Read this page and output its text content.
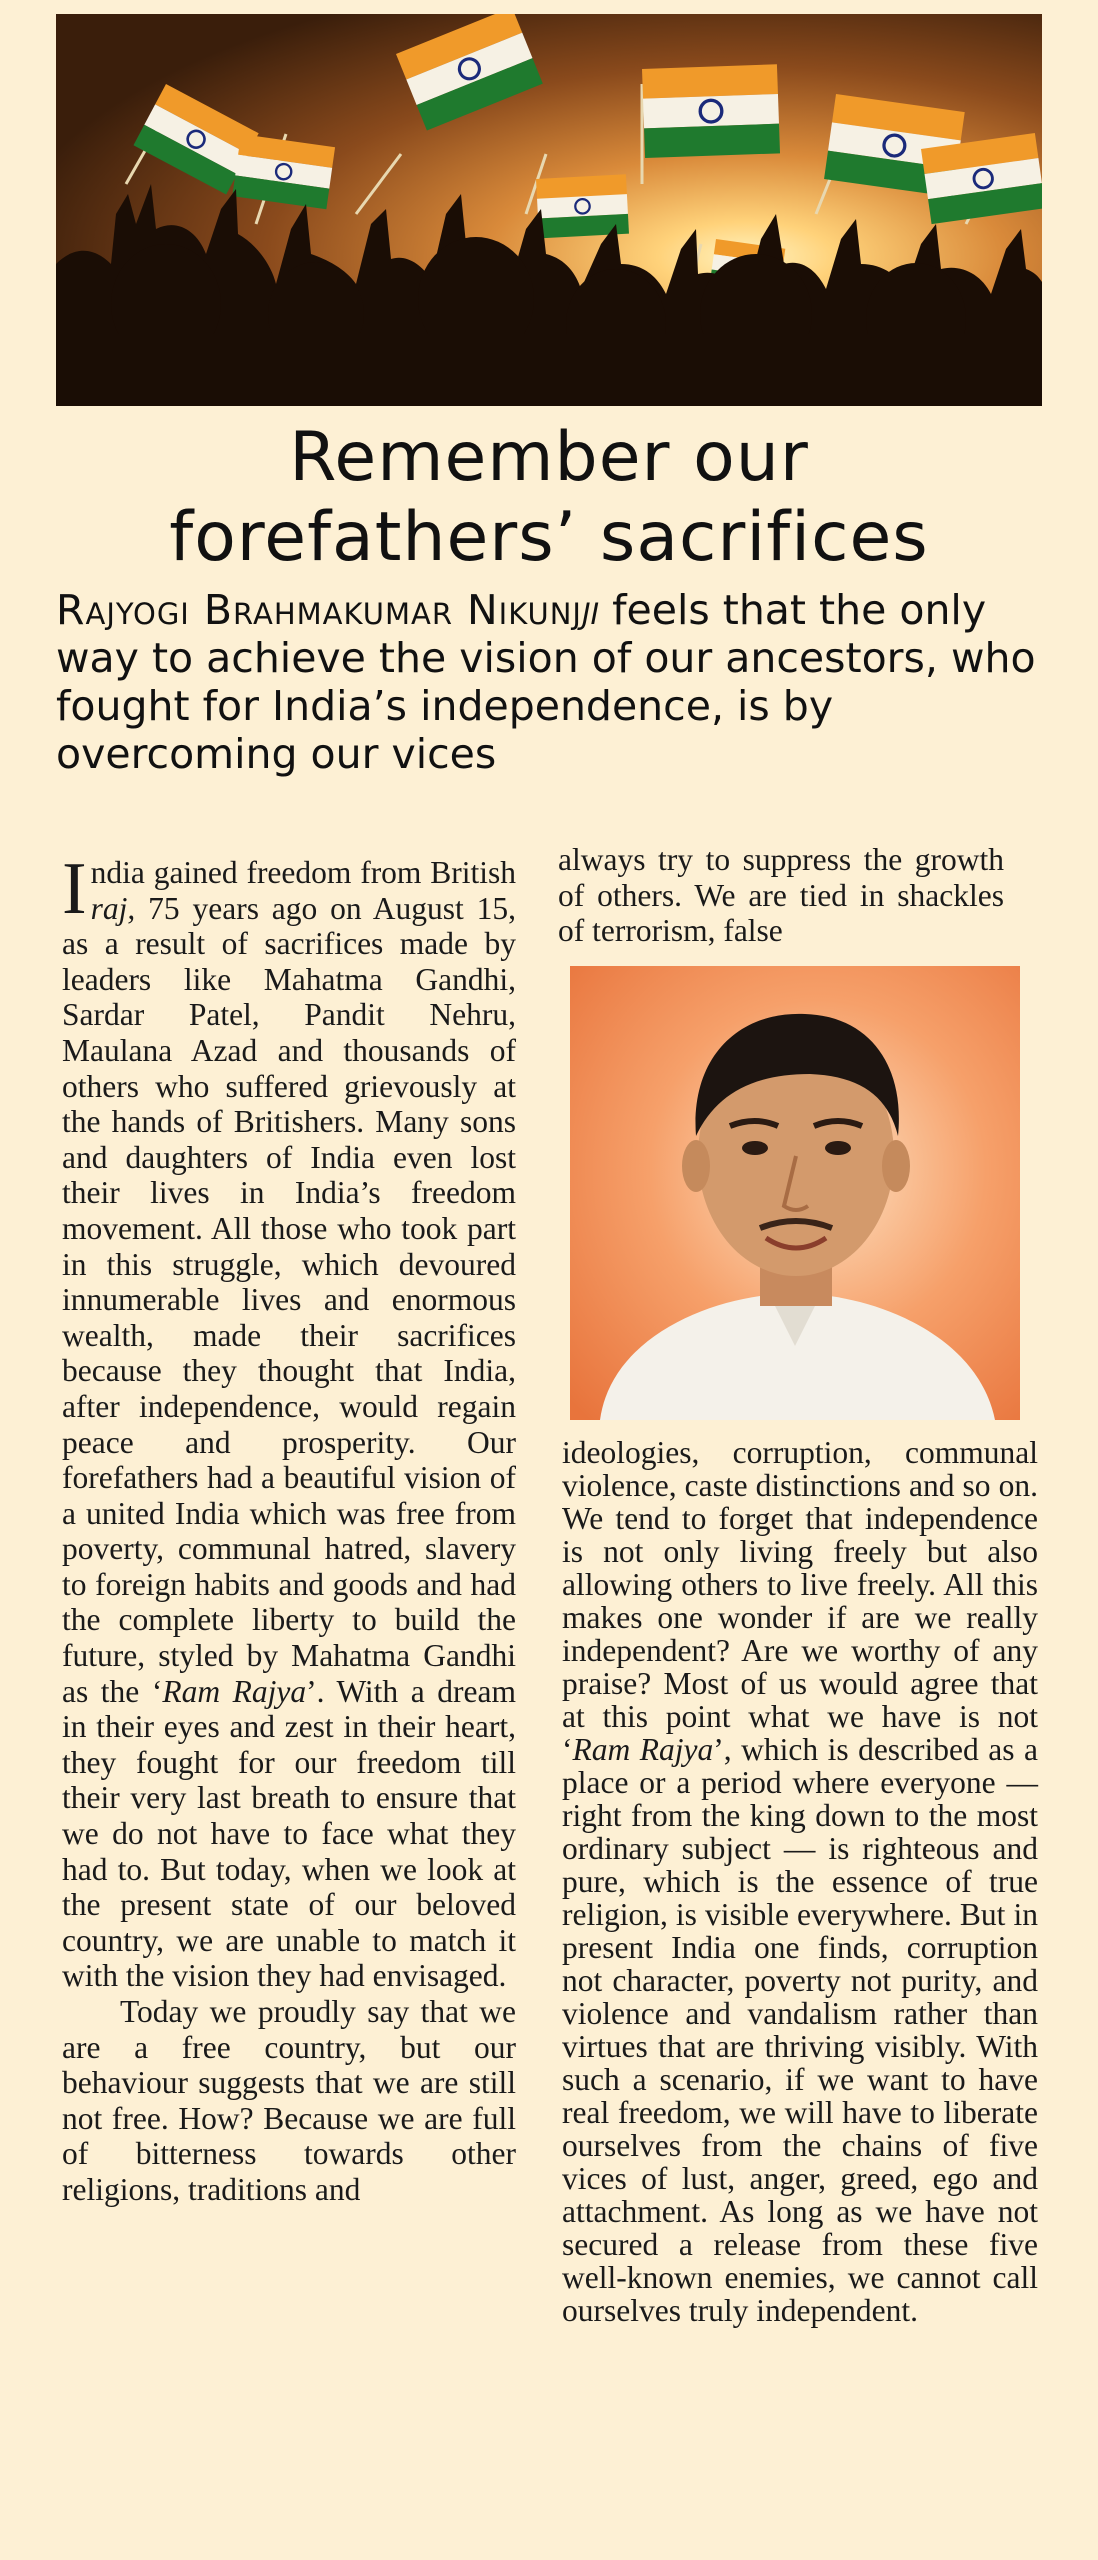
Remember our
forefathers’ sacrifices

Rajyogi Brahmakumar Nikunjji feels that the only way to achieve the vision of our ancestors, who fought for India’s independence, is by overcoming our vices

India gained freedom from British raj, 75 years ago on August 15, as a result of sacrifices made by leaders like Mahatma Gandhi, Sardar Patel, Pandit Nehru, Maulana Azad and thousands of others who suffered grievously at the hands of Britishers. Many sons and daughters of India even lost their lives in India’s freedom movement. All those who took part in this struggle, which devoured innumerable lives and enormous wealth, made their sacrifices because they thought that India, after independence, would regain peace and prosperity. Our forefathers had a beautiful vision of a united India which was free from poverty, communal hatred, slavery to foreign habits and goods and had the complete liberty to build the future, styled by Mahatma Gandhi as the ‘Ram Rajya’. With a dream in their eyes and zest in their heart, they fought for our freedom till their very last breath to ensure that we do not have to face what they had to. But today, when we look at the present state of our beloved country, we are unable to match it with the vision they had envisaged.

Today we proudly say that we are a free country, but our behaviour suggests that we are still not free. How? Because we are full of bitterness towards other religions, traditions and

always try to suppress the growth of others. We are tied in shackles of terrorism, false

ideologies, corruption, communal violence, caste distinctions and so on. We tend to forget that independence is not only living freely but also allowing others to live freely. All this makes one wonder if are we really independent? Are we worthy of any praise? Most of us would agree that at this point what we have is not ‘Ram Rajya’, which is described as a place or a period where everyone — right from the king down to the most ordinary subject — is righteous and pure, which is the essence of true religion, is visible everywhere. But in present India one finds, corruption not character, poverty not purity, and violence and vandalism rather than virtues that are thriving visibly. With such a scenario, if we want to have real freedom, we will have to liberate ourselves from the chains of five vices of lust, anger, greed, ego and attachment. As long as we have not secured a release from these five well-known enemies, we cannot call ourselves truly independent.
